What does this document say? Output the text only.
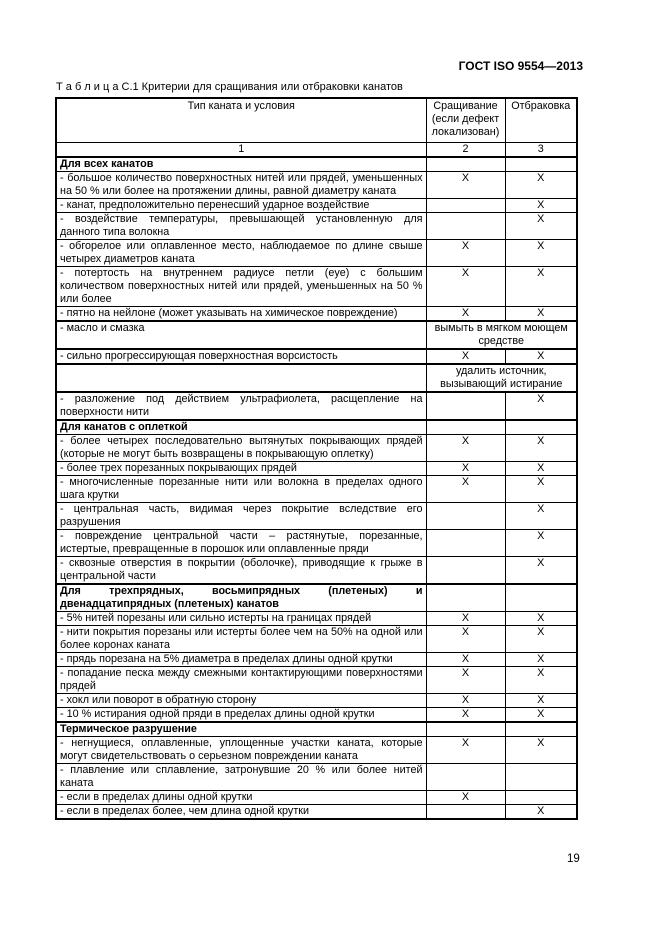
ГОСТ ISO 9554—2013
Т а б л и ц а С.1 Критерии для сращивания или отбраковки канатов
Тип каната и условия	Сращивание (если дефект локализован)	Отбраковка
1	2	3
Для всех канатов		
- большое количество поверхностных нитей или прядей, уменьшенных на 50 % или более на протяжении длины, равной диаметру каната	X	X
- канат, предположительно перенесший ударное воздействие		X
- воздействие температуры, превышающей установленную для данного типа волокна		X
- обгорелое или оплавленное место, наблюдаемое по длине свыше четырех диаметров каната	X	X
- потертость на внутреннем радиусе петли (eye) с большим количеством поверхностных нитей или прядей, уменьшенных на 50 % или более	X	X
- пятно на нейлоне (может указывать на химическое повреждение)	X	X
- масло и смазка	вымыть в мягком моющем средстве	
- сильно прогрессирующая поверхностная ворсистость	X	X
	удалить источник, вызывающий истирание	
- разложение под действием ультрафиолета, расщепление на поверхности нити		X
Для канатов с оплеткой		
- более четырех последовательно вытянутых покрывающих прядей (которые не могут быть возвращены в покрывающую оплетку)	X	X
- более трех порезанных покрывающих прядей	X	X
- многочисленные порезанные нити или волокна в пределах одного шага крутки	X	X
- центральная часть, видимая через покрытие вследствие его разрушения		X
- повреждение центральной части – растянутые, порезанные, истертые, превращенные в порошок или оплавленные пряди		X
- сквозные отверстия в покрытии (оболочке), приводящие к грыже в центральной части		X
Для трехпрядных, восьмипрядных (плетеных) и двенадцатипрядных (плетеных) канатов		
- 5% нитей порезаны или сильно истерты на границах прядей	X	X
- нити покрытия порезаны или истерты более чем на 50% на одной или более коронах каната	X	X
- прядь порезана на 5% диаметра в пределах длины одной крутки	X	X
- попадание песка между смежными контактирующими поверхностями прядей	X	X
- хокл или поворот в обратную сторону	X	X
- 10 % истирания одной пряди в пределах длины одной крутки	X	X
Термическое разрушение		
- негнущиеся, оплавленные, уплощенные участки каната, которые могут свидетельствовать о серьезном повреждении каната	X	X
- плавление или сплавление, затронувшие 20 % или более нитей каната		
- если в пределах длины одной крутки	X	
- если в пределах более, чем длина одной крутки		X
19
